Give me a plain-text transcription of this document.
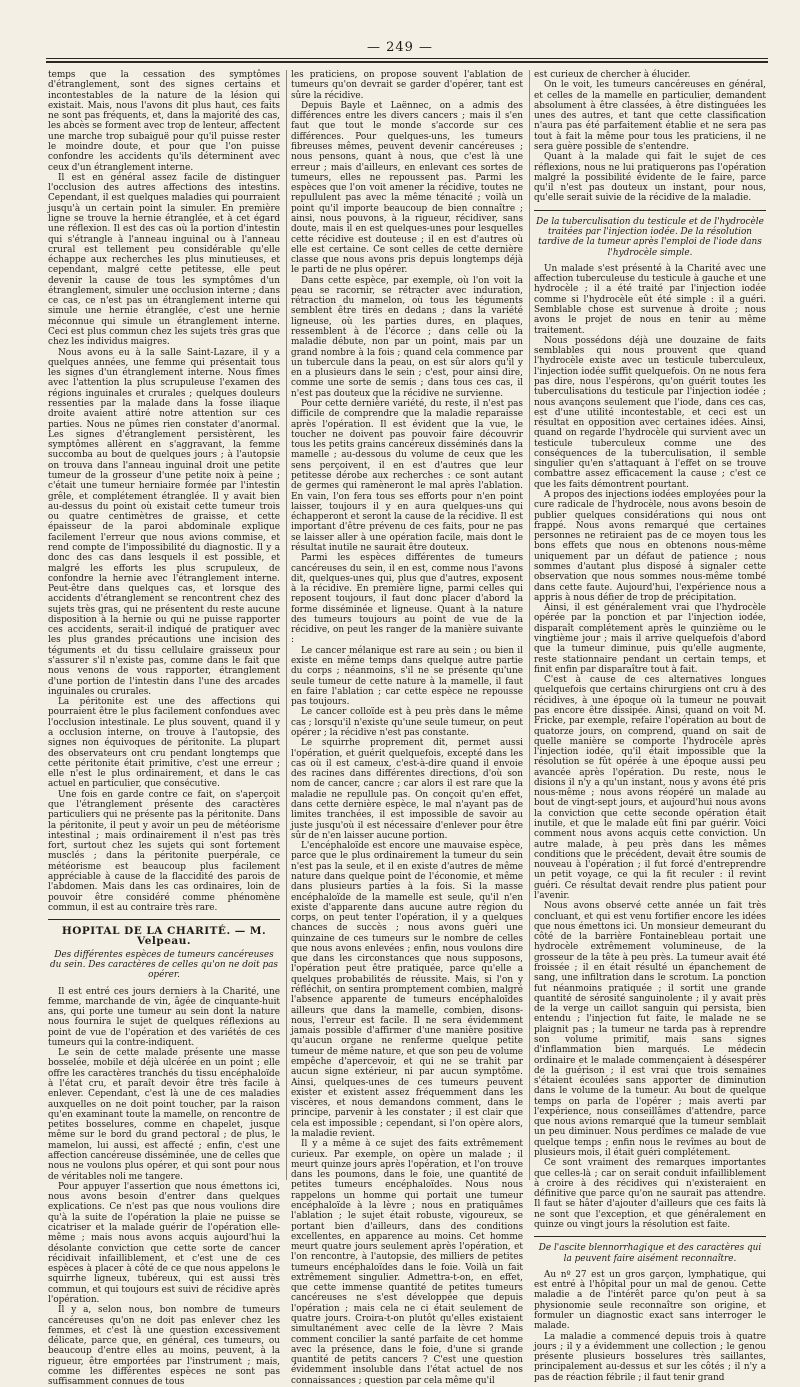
— 249 —

temps que la cessation des symptômes d'étranglement, sont des signes certains et incontestables de la nature de la lésion qui existait. Mais, nous l'avons dit plus haut, ces faits ne sont pas fréquents, et, dans la majorité des cas, les abcès se forment avec trop de lenteur, affectent une marche trop subaiguë pour qu'il puisse rester le moindre doute, et pour que l'on puisse confondre les accidents qu'ils déterminent avec ceux d'un étranglement interne.

Il est en général assez facile de distinguer l'occlusion des autres affections des intestins. Cependant, il est quelques maladies qui pourraient jusqu'à un certain point la simuler. En première ligne se trouve la hernie étranglée, et à cet égard une réflexion. Il est des cas où la portion d'intestin qui s'étrangle à l'anneau inguinal ou à l'anneau crural est tellement peu considérable qu'elle échappe aux recherches les plus minutieuses, et cependant, malgré cette petitesse, elle peut devenir la cause de tous les symptômes d'un étranglement, simuler une occlusion interne ; dans ce cas, ce n'est pas un étranglement interne qui simule une hernie étranglée, c'est une hernie méconnue qui simule un étranglement interne. Ceci est plus commun chez les sujets très gras que chez les individus maigres.

Nous avons eu à la salle Saint-Lazare, il y a quelques années, une femme qui présentait tous les signes d'un étranglement interne. Nous fîmes avec l'attention la plus scrupuleuse l'examen des régions inguinales et crurales ; quelques douleurs ressenties par la malade dans la fosse iliaque droite avaient attiré notre attention sur ces parties. Nous ne pûmes rien constater d'anormal. Les signes d'étranglement persistèrent, les symptômes allèrent en s'aggravant, la femme succomba au bout de quelques jours ; à l'autopsie on trouva dans l'anneau inguinal droit une petite tumeur de la grosseur d'une petite noix à peine ; c'était une tumeur herniaire formée par l'intestin grêle, et complétement étranglée. Il y avait bien au-dessus du point où existait cette tumeur trois ou quatre centimètres de graisse, et cette épaisseur de la paroi abdominale explique facilement l'erreur que nous avions commise, et rend compte de l'impossibilité du diagnostic. Il y a donc des cas dans lesquels il est possible, et malgré les efforts les plus scrupuleux, de confondre la hernie avec l'étranglement interne. Peut-être dans quelques cas, et lorsque des accidents d'étranglement se rencontrent chez des sujets très gras, qui ne présentent du reste aucune disposition à la hernie ou qui ne puisse rapporter ces accidents, serait-il indiqué de pratiquer avec les plus grandes précautions une incision des téguments et du tissu cellulaire graisseux pour s'assurer s'il n'existe pas, comme dans le fait que nous venons de vous rapporter, étranglement d'une portion de l'intestin dans l'une des arcades inguinales ou crurales.

La péritonite est une des affections qui pourraient être le plus facilement confondues avec l'occlusion intestinale. Le plus souvent, quand il y a occlusion interne, on trouve à l'autopsie, des signes non équivoques de péritonite. La plupart des observateurs ont cru pendant longtemps que cette péritonite était primitive, c'est une erreur ; elle n'est le plus ordinairement, et dans le cas actuel en particulier, que consécutive.

Une fois en garde contre ce fait, on s'aperçoit que l'étranglement présente des caractères particuliers qui ne présente pas la péritonite. Dans la péritonite, il peut y avoir un peu de météorisme intestinal ; mais ordinairement il n'est pas très fort, surtout chez les sujets qui sont fortement musclés ; dans la péritonite puerpérale, ce météorisme est beaucoup plus facilement appréciable à cause de la flaccidité des parois de l'abdomen. Mais dans les cas ordinaires, loin de pouvoir être considéré comme phénomène commun, il est au contraire très rare.

HOPITAL DE LA CHARITÉ. — M. Velpeau.
Des différentes espèces de tumeurs cancéreuses du sein. Des caractères de celles qu'on ne doit pas opérer.

Il est entré ces jours derniers à la Charité, une femme, marchande de vin, âgée de cinquante-huit ans, qui porte une tumeur au sein dont la nature nous fournira le sujet de quelques réflexions au point de vue de l'opération et des variétés de ces tumeurs qui la contre-indiquent.

Le sein de cette malade présente une masse bosselée, mobile et déjà ulcérée en un point ; elle offre les caractères tranchés du tissu encéphaloïde à l'état cru, et paraît devoir être très facile à enlever. Cependant, c'est là une de ces maladies auxquelles on ne doit point toucher, par la raison qu'en examinant toute la mamelle, on rencontre de petites bosselures, comme en chapelet, jusque même sur le bord du grand pectoral ; de plus, le mamelon, lui aussi, est affecté ; enfin, c'est une affection cancéreuse disséminée, une de celles que nous ne voulons plus opérer, et qui sont pour nous de véritables noli me tangere.

Pour appuyer l'assertion que nous émettons ici, nous avons besoin d'entrer dans quelques explications. Ce n'est pas que nous voulions dire qu'à la suite de l'opération la plaie ne puisse se cicatriser et la malade guérir de l'opération elle-même ; mais nous avons acquis aujourd'hui la désolante conviction que cette sorte de cancer récidivait infailliblement, et c'est une de ces espèces à placer à côté de ce que nous appelons le squirrhe ligneux, tubéreux, qui est aussi très commun, et qui toujours est suivi de récidive après l'opération.

Il y a, selon nous, bon nombre de tumeurs cancéreuses qu'on ne doit pas enlever chez les femmes, et c'est là une question excessivement délicate, parce que, en général, ces tumeurs, ou beaucoup d'entre elles au moins, peuvent, à la rigueur, être emportées par l'instrument ; mais, comme les différentes espèces ne sont pas suffisamment connues de tous

les praticiens, on propose souvent l'ablation de tumeurs qu'on devrait se garder d'opérer, tant est sûre la récidive.

Depuis Bayle et Laënnec, on a admis des différences entre les divers cancers ; mais il s'en faut que tout le monde s'accorde sur ces différences. Pour quelques-uns, les tumeurs fibreuses mêmes, peuvent devenir cancéreuses ; nous pensons, quant à nous, que c'est là une erreur ; mais d'ailleurs, en enlevant ces sortes de tumeurs, elles ne repoussent pas. Parmi les espèces que l'on voit amener la récidive, toutes ne repullulent pas avec la même ténacité ; voilà un point qu'il importe beaucoup de bien connaître ; ainsi, nous pouvons, à la rigueur, récidiver, sans doute, mais il en est quelques-unes pour lesquelles cette récidive est douteuse ; il en est d'autres où elle est certaine. Ce sont celles de cette dernière classe que nous avons pris depuis longtemps déjà le parti de ne plus opérer.

Dans cette espèce, par exemple, où l'on voit la peau se racornir, se rétracter avec induration, rétraction du mamelon, où tous les téguments semblent être tirés en dedans ; dans la variété ligneuse, où les parties dures, en plaques, ressemblent à de l'écorce ; dans celle où la maladie débute, non par un point, mais par un grand nombre à la fois ; quand cela commence par un tubercule dans la peau, on est sûr alors qu'il y en a plusieurs dans le sein ; c'est, pour ainsi dire, comme une sorte de semis ; dans tous ces cas, il n'est pas douteux que la récidive ne survienne.

Pour cette dernière variété, du reste, il n'est pas difficile de comprendre que la maladie reparaisse après l'opération. Il est évident que la vue, le toucher ne doivent pas pouvoir faire découvrir tous les petits grains cancéreux disséminés dans la mamelle ; au-dessous du volume de ceux que les sens perçoivent, il en est d'autres que leur petitesse dérobe aux recherches : ce sont autant de germes qui ramèneront le mal après l'ablation. En vain, l'on fera tous ses efforts pour n'en point laisser, toujours il y en aura quelques-uns qui échapperont et seront la cause de la récidive. Il est important d'être prévenu de ces faits, pour ne pas se laisser aller à une opération facile, mais dont le résultat inutile ne saurait être douteux.

Parmi les espèces différentes de tumeurs cancéreuses du sein, il en est, comme nous l'avons dit, quelques-unes qui, plus que d'autres, exposent à la récidive. En première ligne, parmi celles qui reposent toujours, il faut donc placer d'abord la forme disséminée et ligneuse. Quant à la nature des tumeurs toujours au point de vue de la récidive, on peut les ranger de la manière suivante :

Le cancer mélanique est rare au sein ; ou bien il existe en même temps dans quelque autre partie du corps ; néanmoins, s'il ne se présente qu'une seule tumeur de cette nature à la mamelle, il faut en faire l'ablation ; car cette espèce ne repousse pas toujours.

Le cancer colloïde est à peu près dans le même cas ; lorsqu'il n'existe qu'une seule tumeur, on peut opérer ; la récidive n'est pas constante.

Le squirrhe proprement dit, permet aussi l'opération, et guérit quelquefois, excepté dans les cas où il est cameux, c'est-à-dire quand il envoie des racines dans différentes directions, d'où son nom de cancer, cancre ; car alors il est rare que la maladie ne repullule pas. On conçoit qu'en effet, dans cette dernière espèce, le mal n'ayant pas de limites tranchées, il est impossible de savoir au juste jusqu'où il est nécessaire d'enlever pour être sûr de n'en laisser aucune portion.

L'encéphaloïde est encore une mauvaise espèce, parce que le plus ordinairement la tumeur du sein n'est pas la seule, et il en existe d'autres de même nature dans quelque point de l'économie, et même dans plusieurs parties à la fois. Si la masse encéphaloïde de la mamelle est seule, qu'il n'en existe d'apparente dans aucune autre région du corps, on peut tenter l'opération, il y a quelques chances de succès ; nous avons guéri une quinzaine de ces tumeurs sur le nombre de celles que nous avons enlevées ; enfin, nous voulons dire que dans les circonstances que nous supposons, l'opération peut être pratiquée, parce qu'elle a quelques probabilités de réussite. Mais, si l'on y réfléchit, on sentira promptement combien, malgré l'absence apparente de tumeurs encéphaloïdes ailleurs que dans la mamelle, combien, disons-nous, l'erreur est facile. Il ne sera évidemment jamais possible d'affirmer d'une manière positive qu'aucun organe ne renferme quelque petite tumeur de même nature, et que son peu de volume empêche d'apercevoir, et qui ne se trahit par aucun signe extérieur, ni par aucun symptôme. Ainsi, quelques-unes de ces tumeurs peuvent exister et existent assez fréquemment dans les viscères, et nous demandons comment, dans le principe, parvenir à les constater ; il est clair que cela est impossible ; cependant, si l'on opère alors, la maladie revient.

Il y a même à ce sujet des faits extrêmement curieux. Par exemple, on opère un malade ; il meurt quinze jours après l'opération, et l'on trouve dans les poumons, dans le foie, une quantité de petites tumeurs encéphaloïdes. Nous nous rappelons un homme qui portait une tumeur encéphaloïde à la lèvre ; nous en pratiquâmes l'ablation ; le sujet était robuste, vigoureux, se portant bien d'ailleurs, dans des conditions excellentes, en apparence au moins. Cet homme meurt quatre jours seulement après l'opération, et l'on rencontre, à l'autopsie, des milliers de petites tumeurs encéphaloïdes dans le foie. Voilà un fait extrêmement singulier. Admettra-t-on, en effet, que cette immense quantité de petites tumeurs cancéreuses ne s'est développée que depuis l'opération ; mais cela ne ci était seulement de quatre jours. Croira-t-on plutôt qu'elles existaient simultanément avec celle de la lèvre ? Mais comment concilier la santé parfaite de cet homme avec la présence, dans le foie, d'une si grande quantité de petits cancers ? C'est une question évidemment insoluble dans l'état actuel de nos connaissances ; question par cela même qu'il

est curieux de chercher à élucider.

On le voit, les tumeurs cancéreuses en général, et celles de la mamelle en particulier, demandent absolument à être classées, à être distinguées les unes des autres, et tant que cette classification n'aura pas été parfaitement établie et ne sera pas tout à fait la même pour tous les praticiens, il ne sera guère possible de s'entendre.

Quant à la malade qui fait le sujet de ces réflexions, nous ne lui pratiquerons pas l'opération malgré la possibilité évidente de le faire, parce qu'il n'est pas douteux un instant, pour nous, qu'elle serait suivie de la récidive de la maladie.

De la tuberculisation du testicule et de l'hydrocèle traitées par l'injection iodée. De la résolution tardive de la tumeur après l'emploi de l'iode dans l'hydrocèle simple.

Un malade s'est présenté à la Charité avec une affection tuberculeuse du testicule à gauche et une hydrocèle ; il a été traité par l'injection iodée comme si l'hydrocèle eût été simple : il a guéri. Semblable chose est survenue à droite ; nous avons le projet de nous en tenir au même traitement.

Nous possédons déjà une douzaine de faits semblables qui nous prouvent que quand l'hydrocèle existe avec un testicule tuberculeux, l'injection iodée suffit quelquefois. On ne nous fera pas dire, nous l'espérons, qu'on guérit toutes les tuberculisations du testicule par l'injection iodée ; nous avançons seulement que l'iode, dans ces cas, est d'une utilité incontestable, et ceci est un résultat en opposition avec certaines idées. Ainsi, quand on regarde l'hydrocèle qui survient avec un testicule tuberculeux comme une des conséquences de la tuberculisation, il semble singulier qu'en s'attaquant à l'effet on se trouve combattre assez efficacement la cause ; c'est ce que les faits démontrent pourtant.

A propos des injections iodées employées pour la cure radicale de l'hydrocèle, nous avons besoin de publier quelques considérations qui nous ont frappé. Nous avons remarqué que certaines personnes ne retiraient pas de ce moyen tous les bons effets que nous en obtenons nous-même uniquement par un défaut de patience ; nous sommes d'autant plus disposé à signaler cette observation que nous sommes nous-même tombé dans cette faute. Aujourd'hui, l'expérience nous a appris à nous défier de trop de précipitation.

Ainsi, il est généralement vrai que l'hydrocèle opérée par la ponction et par l'injection iodée, disparaît complétement après le quinzième ou le vingtième jour ; mais il arrive quelquefois d'abord que la tumeur diminue, puis qu'elle augmente, reste stationnaire pendant un certain temps, et finit enfin par disparaître tout à fait.

C'est à cause de ces alternatives longues quelquefois que certains chirurgiens ont cru à des récidives, à une époque où la tumeur ne pouvait pas encore être dissipée. Ainsi, quand on voit M. Fricke, par exemple, refaire l'opération au bout de quatorze jours, on comprend, quand on sait de quelle manière se comporte l'hydrocèle après l'injection iodée, qu'il était impossible que la résolution se fût opérée à une époque aussi peu avancée après l'opération. Du reste, nous le disions il n'y a qu'un instant, nous y avons été pris nous-même ; nous avons réopéré un malade au bout de vingt-sept jours, et aujourd'hui nous avons la conviction que cette seconde opération était inutile, et que le malade eût fini par guérir. Voici comment nous avons acquis cette conviction. Un autre malade, à peu près dans les mêmes conditions que le précédent, devait être soumis de nouveau à l'opération ; il fut forcé d'entreprendre un petit voyage, ce qui la fit reculer : il revint guéri. Ce résultat devait rendre plus patient pour l'avenir.

Nous avons observé cette année un fait très concluant, et qui est venu fortifier encore les idées que nous émettons ici. Un monsieur demeurant du côté de la barrière Fontainebleau portait une hydrocèle extrêmement volumineuse, de la grosseur de la tête à peu près. La tumeur avait été froissée ; il en était résulté un épanchement de sang, une infiltration dans le scrotum. La ponction fut néanmoins pratiquée ; il sortit une grande quantité de sérosité sanguinolente ; il y avait près de la verge un caillot sanguin qui persista, bien entendu ; l'injection fut faite, le malade ne se plaignit pas ; la tumeur ne tarda pas à reprendre son volume primitif, mais sans signes d'inflammation bien marqués. Le médecin ordinaire et le malade commençaient à désespérer de la guérison ; il est vrai que trois semaines s'étaient écoulées sans apporter de diminution dans le volume de la tumeur. Au bout de quelque temps on parla de l'opérer ; mais averti par l'expérience, nous conseillâmes d'attendre, parce que nous avions remarqué que la tumeur semblait un peu diminuer. Nous perdîmes ce malade de vue quelque temps ; enfin nous le revîmes au bout de plusieurs mois, il était guéri complétement.

Ce sont vraiment des remarques importantes que celles-là ; car on serait conduit infailliblement à croire à des récidives qui n'existeraient en définitive que parce qu'on ne saurait pas attendre. Il faut se hâter d'ajouter d'ailleurs que ces faits là ne sont que l'exception, et que généralement en quinze ou vingt jours la résolution est faite.

De l'ascite blennorrhagique et des caractères qui la peuvent faire aisément reconnaître.

Au nº 27 est un gros garçon, lymphatique, qui est entré à l'hôpital pour un mal de genou. Cette maladie a de l'intérêt parce qu'on peut à sa physionomie seule reconnaître son origine, et formuler un diagnostic exact sans interroger le malade.

La maladie a commencé depuis trois à quatre jours ; il y a évidemment une collection ; le genou présente plusieurs bosselures très saillantes, principalement au-dessus et sur les côtés ; il n'y a pas de réaction fébrile ; il faut tenir grand
